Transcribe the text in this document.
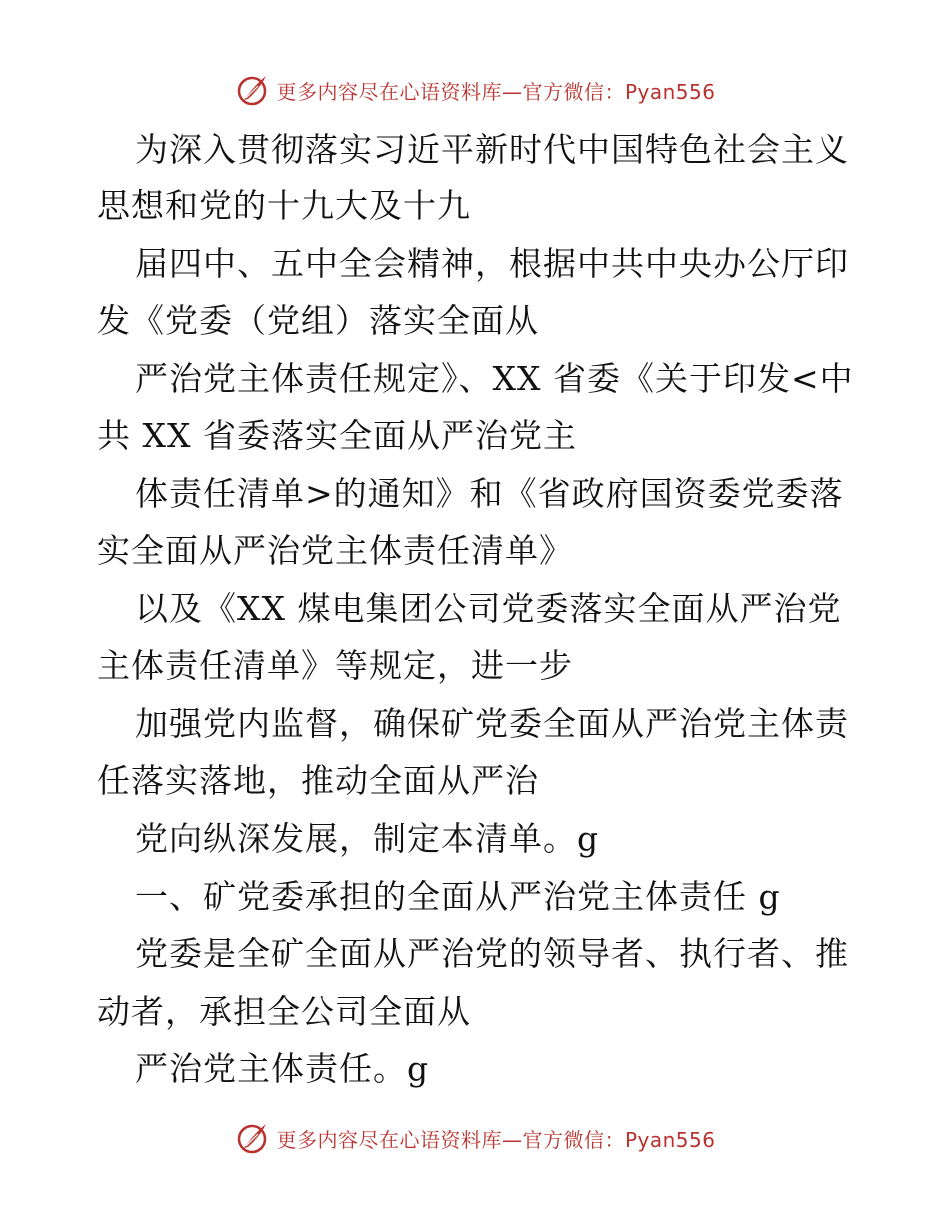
更多内容尽在心语资料库—官方微信：Pyan556
为深入贯彻落实习近平新时代中国特色社会主义
思想和党的十九大及十九
届四中、五中全会精神，根据中共中央办公厅印
发《党委（党组）落实全面从
严治党主体责任规定》、XX 省委《关于印发<中
共 XX 省委落实全面从严治党主
体责任清单>的通知》和《省政府国资委党委落
实全面从严治党主体责任清单》
以及《XX 煤电集团公司党委落实全面从严治党
主体责任清单》等规定，进一步
加强党内监督，确保矿党委全面从严治党主体责
任落实落地，推动全面从严治
党向纵深发展，制定本清单。g
一、矿党委承担的全面从严治党主体责任 g
党委是全矿全面从严治党的领导者、执行者、推
动者，承担全公司全面从
严治党主体责任。g
更多内容尽在心语资料库—官方微信：Pyan556
